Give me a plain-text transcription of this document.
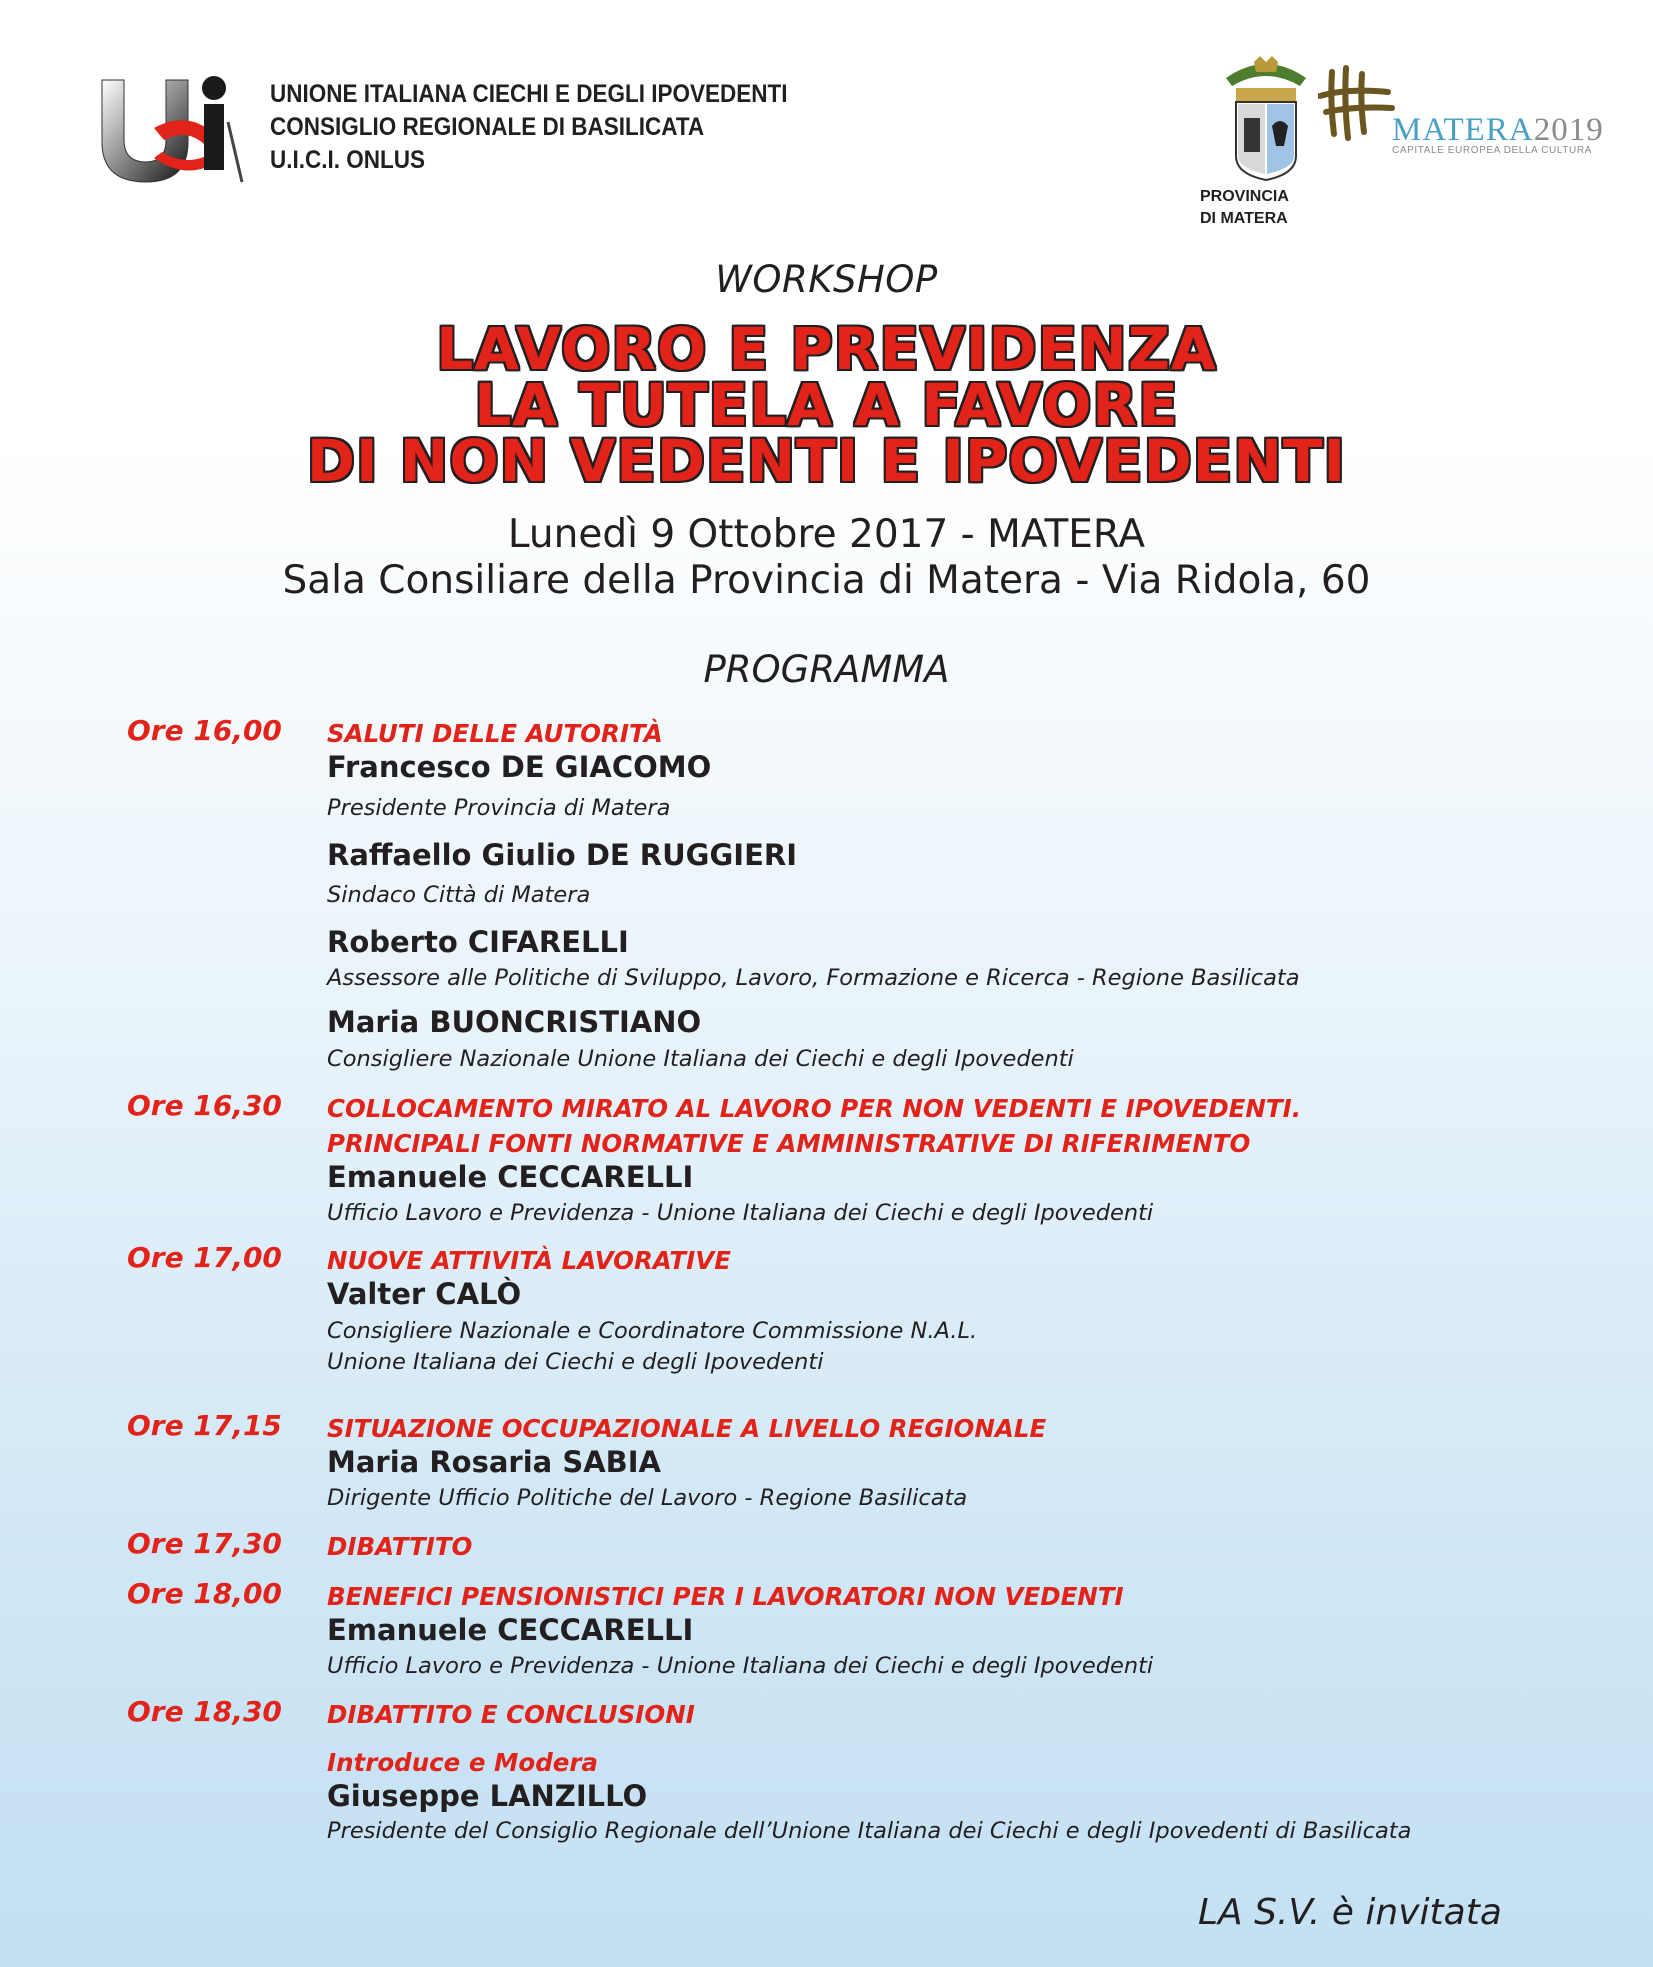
UNIONE ITALIANA CIECHI E DEGLI IPOVEDENTI
CONSIGLIO REGIONALE DI BASILICATA
U.I.C.I. ONLUS
PROVINCIA
DI MATERA
MATERA2019
CAPITALE EUROPEA DELLA CULTURA
WORKSHOP
LAVORO E PREVIDENZA
LA TUTELA A FAVORE
DI NON VEDENTI E IPOVEDENTI
Lunedì 9 Ottobre 2017 - MATERA
Sala Consiliare della Provincia di Matera - Via Ridola, 60
PROGRAMMA
Ore 16,00 SALUTI DELLE AUTORITÀ
Francesco DE GIACOMO
Presidente Provincia di Matera
Raffaello Giulio DE RUGGIERI
Sindaco Città di Matera
Roberto CIFARELLI
Assessore alle Politiche di Sviluppo, Lavoro, Formazione e Ricerca - Regione Basilicata
Maria BUONCRISTIANO
Consigliere Nazionale Unione Italiana dei Ciechi e degli Ipovedenti
Ore 16,30 COLLOCAMENTO MIRATO AL LAVORO PER NON VEDENTI E IPOVEDENTI.
PRINCIPALI FONTI NORMATIVE E AMMINISTRATIVE DI RIFERIMENTO
Emanuele CECCARELLI
Ufficio Lavoro e Previdenza - Unione Italiana dei Ciechi e degli Ipovedenti
Ore 17,00 NUOVE ATTIVITÀ LAVORATIVE
Valter CALÒ
Consigliere Nazionale e Coordinatore Commissione N.A.L.
Unione Italiana dei Ciechi e degli Ipovedenti
Ore 17,15 SITUAZIONE OCCUPAZIONALE A LIVELLO REGIONALE
Maria Rosaria SABIA
Dirigente Ufficio Politiche del Lavoro - Regione Basilicata
Ore 17,30 DIBATTITO
Ore 18,00 BENEFICI PENSIONISTICI PER I LAVORATORI NON VEDENTI
Emanuele CECCARELLI
Ufficio Lavoro e Previdenza - Unione Italiana dei Ciechi e degli Ipovedenti
Ore 18,30 DIBATTITO E CONCLUSIONI
Introduce e Modera
Giuseppe LANZILLO
Presidente del Consiglio Regionale dell’Unione Italiana dei Ciechi e degli Ipovedenti di Basilicata
LA S.V. è invitata
